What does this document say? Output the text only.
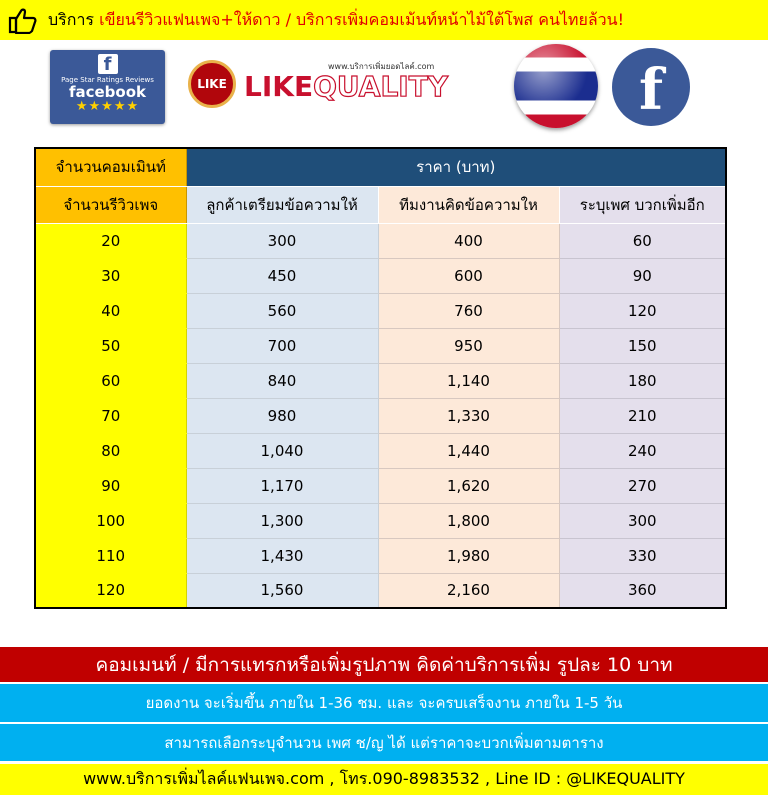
บริการ เขียนรีวิวแฟนเพจ+ให้ดาว / บริการเพิ่มคอมเม้นท์หน้าไม้ใต้โพส คนไทยล้วน!
f
Page Star Ratings Reviews
facebook
★★★★★
LIKE
www.บริการเพิ่มยอดไลค์.com
LIKEQUALITY	f
จำนวนคอมเมินท์	ราคา (บาท)		
จำนวนรีวิวเพจ	ลูกค้าเตรียมข้อความให้	ทีมงานคิดข้อความให	ระบุเพศ บวกเพิ่มอีก
20	300	400	60
30	450	600	90
40	560	760	120
50	700	950	150
60	840	1,140	180
70	980	1,330	210
80	1,040	1,440	240
90	1,170	1,620	270
100	1,300	1,800	300
110	1,430	1,980	330
120	1,560	2,160	360
คอมเมนท์ / มีการแทรกหรือเพิ่มรูปภาพ คิดค่าบริการเพิ่ม รูปละ 10 บาท
ยอดงาน จะเริ่มขึ้น ภายใน 1-36 ชม. และ จะครบเสร็จงาน ภายใน 1-5 วัน
สามารถเลือกระบุจำนวน เพศ ช/ญ ได้ แต่ราคาจะบวกเพิ่มตามตาราง
www.บริการเพิ่มไลค์แฟนเพจ.com , โทร.090-8983532 , Line ID : @LIKEQUALITY
